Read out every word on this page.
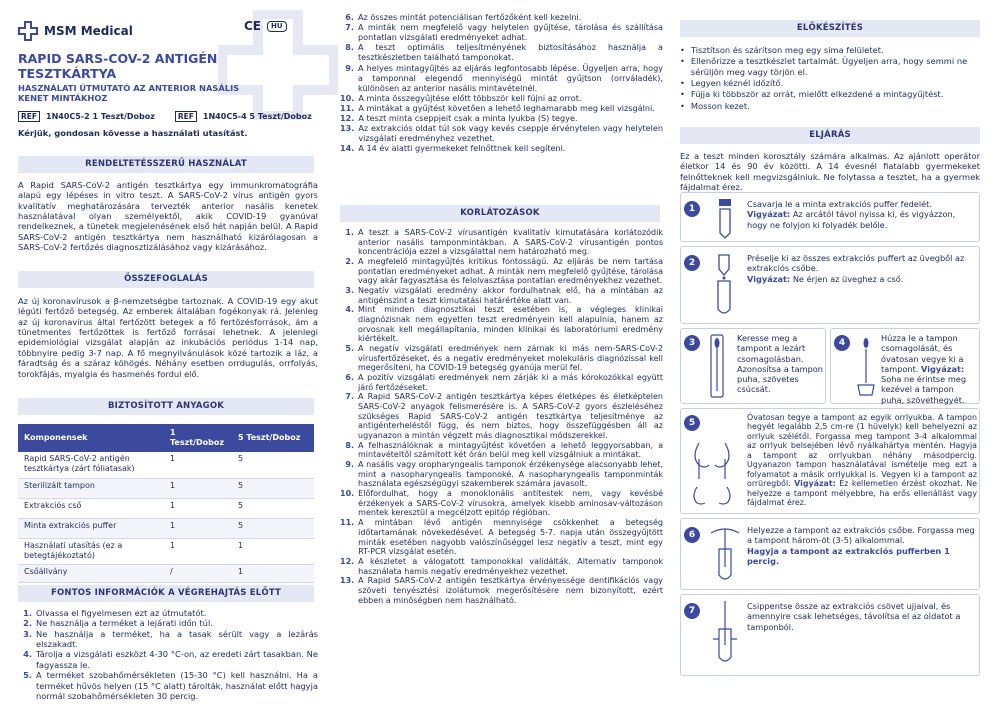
MSM Medical	CE	HU
RAPID SARS-COV-2 ANTIGÉN TESZTKÁRTYA
HASZNÁLATI ÚTMUTATÓ AZ ANTERIOR NASÁLIS KENET MINTÁKHOZ
REF	1N40C5-2 1 Teszt/Doboz	REF	1N40C5-4 5 Teszt/Doboz
Kérjük, gondosan kövesse a használati utasítást.
RENDELTETÉSSZERŰ HASZNÁLAT
A Rapid SARS-CoV-2 antigén tesztkártya egy immunkromatográfia alapú egy lépéses in vitro teszt. A SARS-CoV-2 vírus antigén gyors kvalitatív meghatározására tervezték anterior nasális kenetek használatával olyan személyektől, akik COVID-19 gyanúval rendelkeznek, a tünetek megjelenésének első hét napján belül. A Rapid SARS-CoV-2 antigén tesztkártya nem használható kizárólagosan a SARS-CoV-2 fertőzés diagnosztizálásához vagy kizárásához.
ÖSSZEFOGLALÁS
Az új koronavírusok a β-nemzetségbe tartoznak. A COVID-19 egy akut légúti fertőző betegség. Az emberek általában fogékonyak rá. Jelenleg az új koronavírus által fertőzött betegek a fő fertőzésforrások, ám a tünetmentes fertőzöttek is fertőző forrásai lehetnek. A jelenlegi epidemiológiai vizsgálat alapján az inkubációs periódus 1-14 nap, többnyire pedig 3-7 nap. A fő megnyilvánulások közé tartozik a láz, a fáradtság és a száraz köhögés. Néhány esetben orrdugulás, orrfolyás, torokfájás, myalgia és hasmenés fordul elő.
BIZTOSÍTOTT ANYAGOK
Komponensek	1 Teszt/Doboz	5 Teszt/Doboz
Rapid SARS-CoV-2 antigén tesztkártya (zárt fóliatasak)	1	5
Sterilizált tampon	1	5
Extrakciós cső	1	5
Minta extrakciós puffer	1	5
Használati utasítás (ez a betegtájékoztató)	1	1
Csőállvány	/	1
FONTOS INFORMÁCIÓK A VÉGREHAJTÁS ELŐTT
1. Olvassa el figyelmesen ezt az útmutatót.
2. Ne használja a terméket a lejárati időn túl.
3. Ne használja a terméket, ha a tasak sérült vagy a lezárás elszakadt.
4. Tárolja a vizsgálati eszközt 4-30 °C-on, az eredeti zárt tasakban. Ne fagyassza le.
5. A terméket szobahőmérsékleten (15-30 °C) kell használni. Ha a terméket hűvös helyen (15 °C alatt) tárolták, használat előtt hagyja normál szobahőmérsékleten 30 percig.
6. Az összes mintát potenciálisan fertőzőként kell kezelni.
7. A minták nem megfelelő vagy helytelen gyűjtése, tárolása és szállítása pontatlan vizsgálati eredményeket adhat.
8. A teszt optimális teljesítményének biztosításához használja a tesztkészletben található tamponokat.
9. A helyes mintagyűjtés az eljárás legfontosabb lépése. Ügyeljen arra, hogy a tamponnal elegendő mennyiségű mintát gyűjtson (orrváladék), különösen az anterior nasális mintavételnél.
10. A minta összegyűjtése előtt többször kell fújni az orrot.
11. A mintákat a gyűjtést követően a lehető leghamarabb meg kell vizsgálni.
12. A teszt minta cseppjeit csak a minta lyukba (S) tegye.
13. Az extrakciós oldat túl sok vagy kevés cseppje érvénytelen vagy helytelen vizsgálati eredményhez vezethet.
14. A 14 év alatti gyermekeket felnőttnek kell segíteni.
KORLÁTOZÁSOK
1. A teszt a SARS-CoV-2 vírusantigén kvalitatív kimutatására korlátozódik anterior nasális tamponmintákban. A SARS-CoV-2 vírusantigén pontos koncentrációja ezzel a vizsgálattal nem határozható meg.
2. A megfelelő mintagyűjtés kritikus fontosságú. Az eljárás be nem tartása pontatlan eredményeket adhat. A minták nem megfelelő gyűjtése, tárolása vagy akár fagyasztása és felolvasztása pontatlan eredményekhez vezethet.
3. Negatív vizsgálati eredmény akkor fordulhatnak elő, ha a mintában az antigénszint a teszt kimutatási határértéke alatt van.
4. Mint minden diagnosztikai teszt esetében is, a végleges klinikai diagnózisnak nem egyetlen teszt eredményein kell alapulnia, hanem az orvosnak kell megállapítania, minden klinikai és laboratóriumi eredmény kiértékelt.
5. A negatív vizsgálati eredmények nem zárnak ki más nem-SARS-CoV-2 vírusfertőzéseket, és a negatív eredményeket molekuláris diagnózissal kell megerősíteni, ha COVID-19 betegség gyanúja merül fel.
6. A pozitív vizsgálati eredmények nem zárják ki a más kórokozókkal együtt járó fertőzéseket.
7. A Rapid SARS-CoV-2 antigén tesztkártya képes életképes és életképtelen SARS-CoV-2 anyagok felismerésére is. A SARS-CoV-2 gyors észleléséhez szükséges Rapid SARS-CoV-2 antigén tesztkártya teljesítménye az antigénterheléstől függ, és nem biztos, hogy összefüggésben áll az ugyanazon a mintán végzett más diagnosztikai módszerekkel.
8. A felhasználóknak a mintagyűjtést követően a lehető leggyorsabban, a mintavételtől számított két órán belül meg kell vizsgálniuk a mintákat.
9. A nasális vagy oropharyngealis tamponok érzékenysége alacsonyabb lehet, mint a nasopharyngealis tamponoké. A nasopharyngealis tamponminták használata egészségügyi szakemberek számára javasolt.
10. Előfordulhat, hogy a monoklonális antitestek nem, vagy kevésbé érzékenyek a SARS-CoV-2 vírusokra, amelyek kisebb aminosav-változáson mentek keresztül a megcélzott epitóp régióban.
11. A mintában lévő antigén mennyisége csökkenhet a betegség időtartamának növekedésével. A betegség 5-7. napja után összegyűjtött minták esetében nagyobb valószínűséggel lesz negatív a teszt, mint egy RT-PCR vizsgálat esetén.
12. A készletet a válogatott tamponokkal validálták. Alternatív tamponok használata hamis negatív eredményekhez vezethet.
13. A Rapid SARS-CoV-2 antigén tesztkártya érvényessége dentifikációs vagy szöveti tenyésztési izolátumok megerősítésére nem bizonyított, ezért ebben a minőségben nem használható.
ELŐKÉSZÍTÉS
• Tisztítson és szárítson meg egy sima felületet.
• Ellenőrizze a tesztkészlet tartalmát. Ügyeljen arra, hogy semmi ne sérüljön meg vagy törjön el.
• Legyen kéznél időzítő.
• Fújja ki többször az orrát, mielőtt elkezdené a mintagyűjtést.
• Mosson kezet.
ELJÁRÁS
Ez a teszt minden korosztály számára alkalmas. Az ajánlott operátor életkor 14 és 90 év közötti. A 14 évesnél fiatalabb gyermekeket felnőtteknek kell megvizsgálniuk. Ne folytassa a tesztet, ha a gyermek fájdalmat érez.
1	Csavarja le a minta extrakciós puffer fedelét.
Vigyázat: Az arcától távol nyissa ki, és vigyázzon, hogy ne folyjon ki folyadék belőle.
2	Préselje ki az összes extrakciós puffert az üvegből az extrakciós csőbe.
Vigyázat: Ne érjen az üveghez a cső.
3	Keresse meg a tampont a lezárt csomagolásban. Azonosítsa a tampon puha, szövetes csúcsát.
4	Húzza le a tampon csomagolását, és óvatosan vegye ki a tampont. Vigyázat: Soha ne érintse meg kezével a tampon puha, szövethegyét.
5
Óvatosan tegye a tampont az egyik orrlyukba. A tampon hegyét legalább 2,5 cm-re (1 hüvelyk) kell behelyezni az orrlyuk szélétől. Forgassa meg tampont 3-4 alkalommal az orrlyuk belsejében lévő nyálkahártya mentén. Hagyja a tampont az orrlyukban néhány másodpercig. Ugyanazon tampon használatával ismételje meg ezt a folyamatot a másik orrlyukkal is. Vegyen ki a tampont az orrüregből. Vigyázat: Ez kellemetlen érzést okozhat. Ne helyezze a tampont mélyebbre, ha erős ellenállást vagy fájdalmat érez.
6	Helyezze a tampont az extrakciós csőbe. Forgassa meg a tampont három-öt (3-5) alkalommal.
Hagyja a tampont az extrakciós pufferben 1 percig.
7	Csippentse össze az extrakciós csövet ujjaival, és amennyire csak lehetséges, távolítsa el az oldatot a tamponból.
